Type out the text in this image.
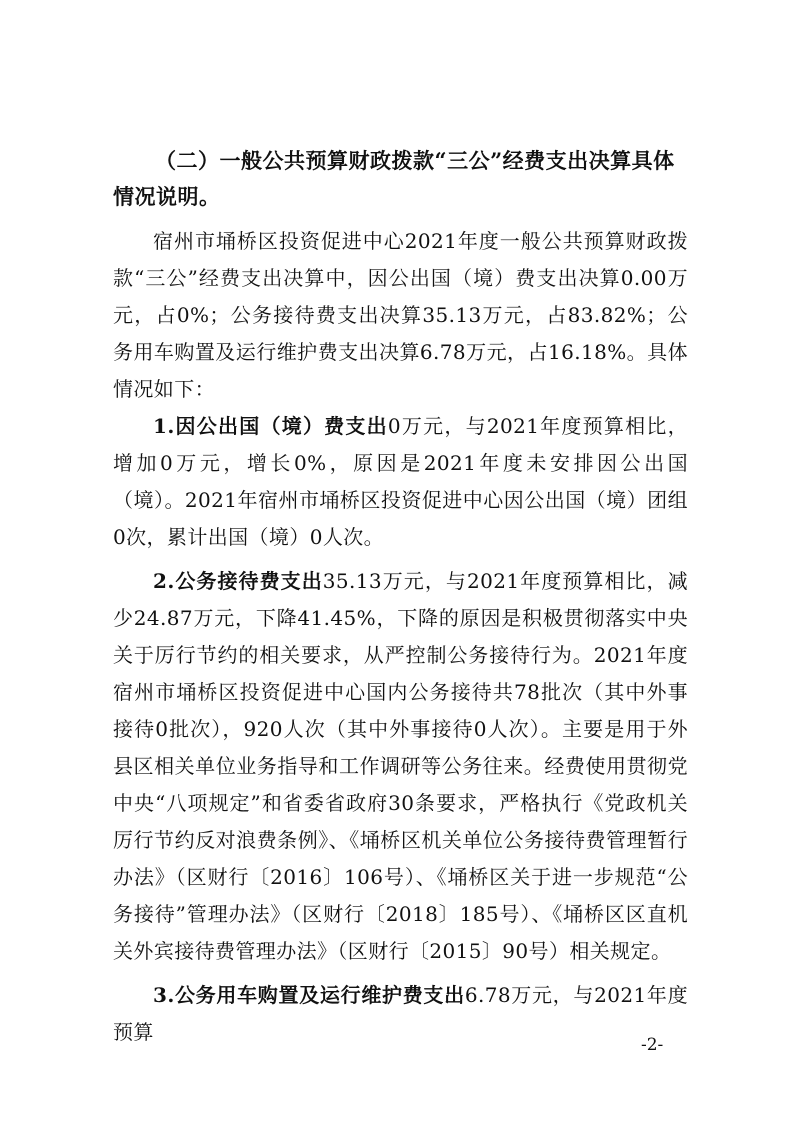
（二）一般公共预算财政拨款“三公”经费支出决算具体情况说明。

宿州市埇桥区投资促进中心2021年度一般公共预算财政拨款“三公”经费支出决算中，因公出国（境）费支出决算0.00万元，占0%；公务接待费支出决算35.13万元，占83.82%；公务用车购置及运行维护费支出决算6.78万元，占16.18%。具体情况如下：

1.因公出国（境）费支出0万元，与2021年度预算相比，增加0万元，增长0%，原因是2021年度未安排因公出国（境）。2021年宿州市埇桥区投资促进中心因公出国（境）团组0次，累计出国（境）0人次。

2.公务接待费支出35.13万元，与2021年度预算相比，减少24.87万元，下降41.45%，下降的原因是积极贯彻落实中央关于厉行节约的相关要求，从严控制公务接待行为。2021年度宿州市埇桥区投资促进中心国内公务接待共78批次（其中外事接待0批次），920人次（其中外事接待0人次）。主要是用于外县区相关单位业务指导和工作调研等公务往来。经费使用贯彻党中央“八项规定”和省委省政府30条要求，严格执行《党政机关厉行节约反对浪费条例》、《埇桥区机关单位公务接待费管理暂行办法》（区财行〔2016〕106号）、《埇桥区关于进一步规范“公务接待”管理办法》（区财行〔2018〕185号）、《埇桥区区直机关外宾接待费管理办法》（区财行〔2015〕90号）相关规定。

3.公务用车购置及运行维护费支出6.78万元，与2021年度预算

-2-
